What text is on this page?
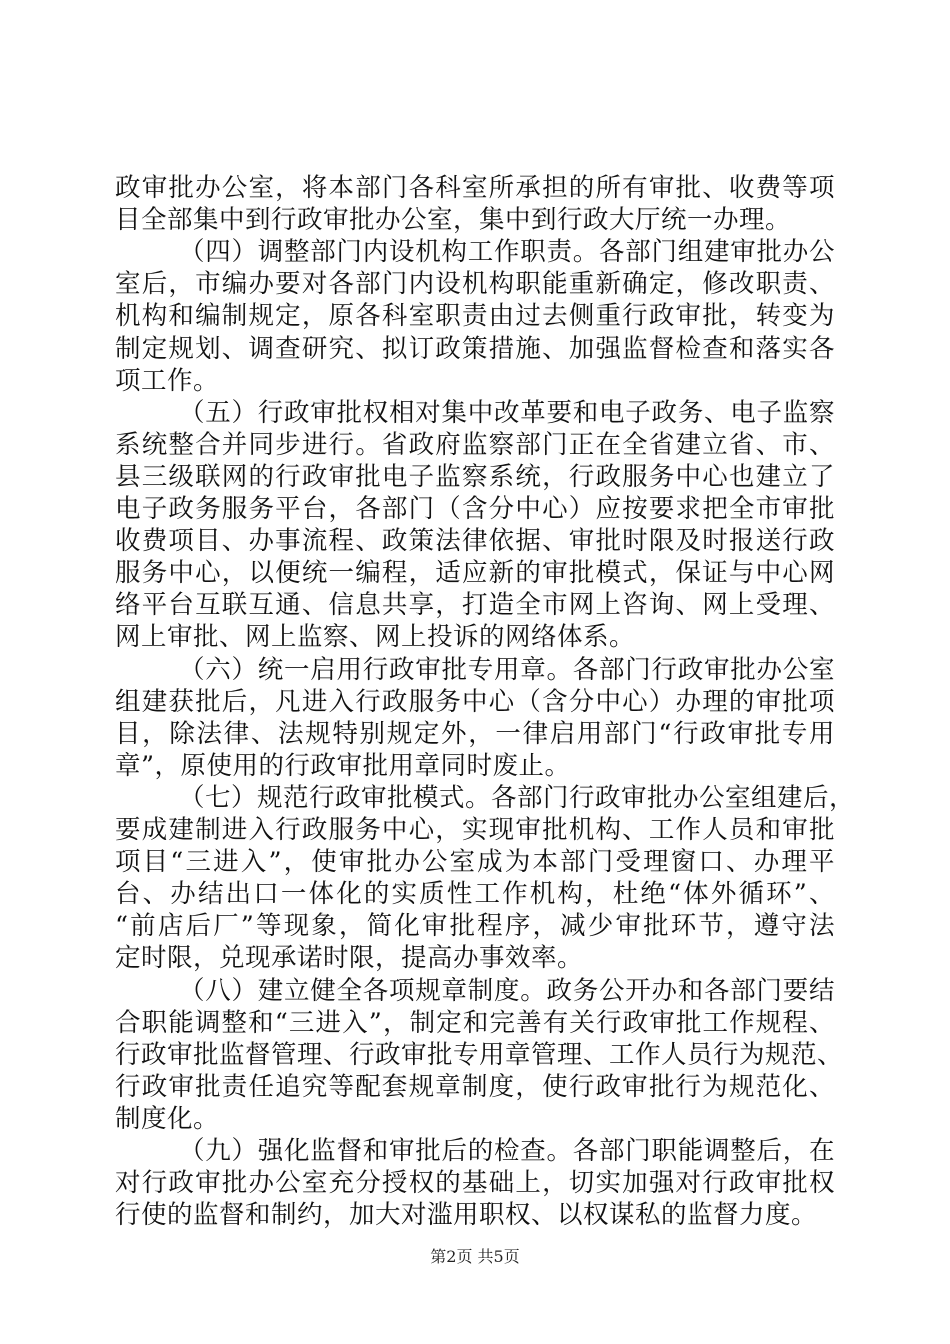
政审批办公室，将本部门各科室所承担的所有审批、收费等项
目全部集中到行政审批办公室，集中到行政大厅统一办理。
（四）调整部门内设机构工作职责。各部门组建审批办公
室后，市编办要对各部门内设机构职能重新确定，修改职责、
机构和编制规定，原各科室职责由过去侧重行政审批，转变为
制定规划、调查研究、拟订政策措施、加强监督检查和落实各
项工作。
（五）行政审批权相对集中改革要和电子政务、电子监察
系统整合并同步进行。省政府监察部门正在全省建立省、市、
县三级联网的行政审批电子监察系统，行政服务中心也建立了
电子政务服务平台，各部门（含分中心）应按要求把全市审批
收费项目、办事流程、政策法律依据、审批时限及时报送行政
服务中心，以便统一编程，适应新的审批模式，保证与中心网
络平台互联互通、信息共享，打造全市网上咨询、网上受理、
网上审批、网上监察、网上投诉的网络体系。
（六）统一启用行政审批专用章。各部门行政审批办公室
组建获批后，凡进入行政服务中心（含分中心）办理的审批项
目，除法律、法规特别规定外，一律启用部门“行政审批专用
章”，原使用的行政审批用章同时废止。
（七）规范行政审批模式。各部门行政审批办公室组建后，
要成建制进入行政服务中心，实现审批机构、工作人员和审批
项目“三进入”，使审批办公室成为本部门受理窗口、办理平
台、办结出口一体化的实质性工作机构，杜绝“体外循环”、
“前店后厂”等现象，简化审批程序，减少审批环节，遵守法
定时限，兑现承诺时限，提高办事效率。
（八）建立健全各项规章制度。政务公开办和各部门要结
合职能调整和“三进入”，制定和完善有关行政审批工作规程、
行政审批监督管理、行政审批专用章管理、工作人员行为规范、
行政审批责任追究等配套规章制度，使行政审批行为规范化、
制度化。
（九）强化监督和审批后的检查。各部门职能调整后，在
对行政审批办公室充分授权的基础上，切实加强对行政审批权
行使的监督和制约，加大对滥用职权、以权谋私的监督力度。
第2页 共5页
